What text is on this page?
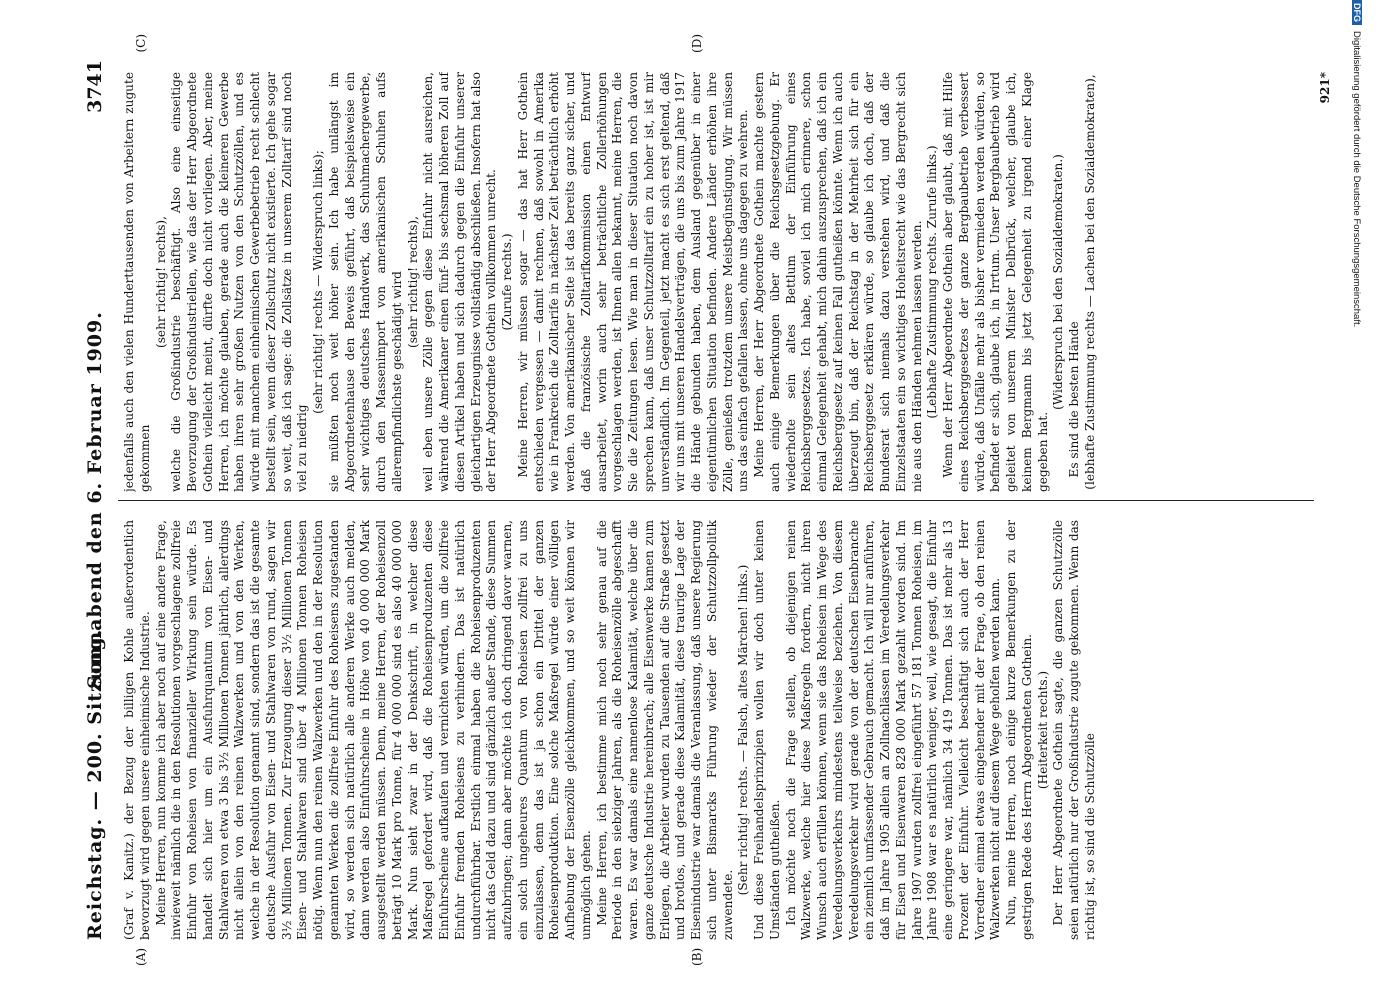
Reichstag. — 200. Sitzung.
Sonnabend den 6. Februar 1909.
3741
(A)	(B)
(C)	(D)

(Graf v. Kanitz.) der Bezug der billigen Kohle außerordentlich bevorzugt wird gegen unsere einheimische Industrie. Meine Herren, nun komme ich aber noch auf eine andere Frage, inwieweit nämlich die in den Resolutionen vorgeschlagene zollfreie Einfuhr von Roheisen von finanzieller Wirkung sein würde. Es handelt sich hier um ein Ausfuhrquantum von Eisen- und Stahlwaren von etwa 3 bis 3½ Millionen Tonnen jährlich, allerdings nicht allein von den reinen Walzwerken und von den Werken, welche in der Resolution genannt sind, sondern das ist die gesamte deutsche Ausfuhr von Eisen- und Stahlwaren von rund, sagen wir 3½ Millionen Tonnen. Zur Erzeugung dieser 3½ Millionen Tonnen Eisen- und Stahlwaren sind über 4 Millionen Tonnen Roheisen nötig. Wenn nun den reinen Walzwerken und den in der Resolution genannten Werken die zollfreie Einfuhr des Roheisens zugestanden wird, so werden sich natürlich alle anderen Werke auch melden, dann werden also Einfuhrscheine in Höhe von 40 000 000 Mark ausgestellt werden müssen. Denn, meine Herren, der Roheisenzoll beträgt 10 Mark pro Tonne, für 4 000 000 sind es also 40 000 000 Mark. Nun sieht zwar in der Denkschrift, in welcher diese Maßregel gefordert wird, daß die Roheisenproduzenten diese Einfuhrscheine aufkaufen und vernichten würden, um die zollfreie Einfuhr fremden Roheisens zu verhindern. Das ist natürlich undurchführbar. Erstlich einmal haben die Roheisenproduzenten nicht das Geld dazu und sind gänzlich außer Stande, diese Summen aufzubringen; dann aber möchte ich doch dringend davor warnen, ein solch ungeheures Quantum von Roheisen zollfrei zu uns einzulassen, denn das ist ja schon ein Drittel der ganzen Roheisenproduktion. Eine solche Maßregel würde einer völligen Aufhebung der Eisenzölle gleichkommen, und so weit können wir unmöglich gehen. Meine Herren, ich bestimme mich noch sehr genau auf die Periode in den siebziger Jahren, als die Roheisenzölle abgeschafft waren. Es war damals eine namenlose Kalamität, welche über die ganze deutsche Industrie hereinbrach; alle Eisenwerke kamen zum Erliegen, die Arbeiter wurden zu Tausenden auf die Straße gesetzt und brotlos, und gerade diese Kalamität, diese traurige Lage der Eisenindustrie war damals die Veranlassung, daß unsere Regierung sich unter Bismarcks Führung wieder der Schutzzollpolitik zuwendete.

(Sehr richtig! rechts. — Falsch, altes Märchen! links.) Und diese Freihandelsprinzipien wollen wir doch unter keinen Umständen gutheißen. Ich möchte noch die Frage stellen, ob diejenigen reinen Walzwerke, welche hier diese Maßregeln fordern, nicht ihren Wunsch auch erfüllen können, wenn sie das Roheisen im Wege des Veredelungsverkehrs mindestens teilweise beziehen. Von diesem Veredelungsverkehr wird gerade von der deutschen Eisenbranche ein ziemlich umfassender Gebrauch gemacht. Ich will nur anführen, daß im Jahre 1905 allein an Zollnachlässen im Veredelungsverkehr für Eisen und Eisenwaren 828 000 Mark gezahlt worden sind. Im Jahre 1907 wurden zollfrei eingeführt 57 181 Tonnen Roheisen, im Jahre 1908 war es natürlich weniger, weil, wie gesagt, die Einfuhr eine geringere war, nämlich 34 419 Tonnen. Das ist mehr als 13 Prozent der Einfuhr. Vielleicht beschäftigt sich auch der Herr Vorredner einmal etwas eingehender mit der Frage, ob den reinen Walzwerken nicht auf diesem Wege geholfen werden kann. Nun, meine Herren, noch einige kurze Bemerkungen zu der gestrigen Rede des Herrn Abgeordneten Gothein. (Heiterkeit rechts.) Der Herr Abgeordnete Gothein sagte, die ganzen Schutzzölle seien natürlich nur der Großindustrie zugute gekommen. Wenn das richtig ist, so sind die Schutzzölle

jedenfalls auch den vielen Hunderttausenden von Arbeitern zugute gekommen

(sehr richtig! rechts), welche die Großindustrie beschäftigt. Also eine einseitige Bevorzugung der Großindustriellen, wie das der Herr Abgeordnete Gothein vielleicht meint, dürfte doch nicht vorliegen. Aber, meine Herren, ich möchte glauben, gerade auch die kleineren Gewerbe haben ihren sehr großen Nutzen von den Schutzzöllen, und es würde mit manchem einheimischen Gewerbebetrieb recht schlecht bestellt sein, wenn dieser Zollschutz nicht existierte. Ich gehe sogar so weit, daß ich sage: die Zollsätze in unserem Zolltarif sind noch viel zu niedrig

(sehr richtig! rechts — Widerspruch links); sie müßten noch weit höher sein. Ich habe unlängst im Abgeordnetenhause den Beweis geführt, daß beispielsweise ein sehr wichtiges deutsches Handwerk, das Schuhmachergewerbe, durch den Massenimport von amerikanischen Schuhen aufs allerempfindlichste geschädigt wird (sehr richtig! rechts), weil eben unsere Zölle gegen diese Einfuhr nicht ausreichen, während die Amerikaner einen fünf- bis sechsmal höheren Zoll auf diesen Artikel haben und sich dadurch gegen die Einfuhr unserer gleichartigen Erzeugnisse vollständig abschließen. Insofern hat also der Herr Abgeordnete Gothein vollkommen unrecht. (Zurufe rechts.) Meine Herren, wir müssen sogar — das hat Herr Gothein entschieden vergessen — damit rechnen, daß sowohl in Amerika wie in Frankreich die Zolltarife in nächster Zeit beträchtlich erhöht werden. Von amerikanischer Seite ist das bereits ganz sicher, und daß die französische Zolltarifkommission einen Entwurf ausarbeitet, worin auch sehr beträchtliche Zollerhöhungen vorgeschlagen werden, ist Ihnen allen bekannt, meine Herren, die Sie die Zeitungen lesen. Wie man in dieser Situation noch davon sprechen kann, daß unser Schutzzolltarif ein zu hoher ist, ist mir unverständlich. Im Gegenteil, jetzt macht es sich erst geltend, daß wir uns mit unseren Handelsverträgen, die uns bis zum Jahre 1917 die Hände gebunden haben, dem Ausland gegenüber in einer eigentümlichen Situation befinden. Andere Länder erhöhen ihre Zölle, genießen trotzdem unsere Meistbegünstigung. Wir müssen uns das einfach gefallen lassen, ohne uns dagegen zu wehren. Meine Herren, der Herr Abgeordnete Gothein machte gestern auch einige Bemerkungen über die Reichsgesetzgebung. Er wiederholte sein altes Bettlum der Einführung eines Reichsberggesetzes. Ich habe, soviel ich mich erinnere, schon einmal Gelegenheit gehabt, mich dahin auszusprechen, daß ich ein Reichsberggesetz auf keinen Fall gutheißen könnte. Wenn ich auch überzeugt bin, daß der Reichstag in der Mehrheit sich für ein Reichsberggesetz erklären würde, so glaube ich doch, daß der Bundesrat sich niemals dazu verstehen wird, und daß die Einzelstaaten ein so wichtiges Hoheitsrecht wie das Bergrecht sich nie aus den Händen nehmen lassen werden. (Lebhafte Zustimmung rechts. Zurufe links.) Wenn der Herr Abgeordnete Gothein aber glaubt, daß mit Hilfe eines Reichsberggesetzes der ganze Bergbaubetrieb verbessert würde, daß Unfälle mehr als bisher vermieden werden würden, so befindet er sich, glaube ich, in Irrtum. Unser Bergbaubetrieb wird geleitet von unserem Minister Delbrück, welcher, glaube ich, keinem Bergmann bis jetzt Gelegenheit zu irgend einer Klage gegeben hat.

(Widerspruch bei den Sozialdemokraten.) Es sind die besten Hände (lebhafte Zustimmung rechts — Lachen bei den Sozialdemokraten),	921*
DFGDigitalisierung gefördert durch die Deutsche Forschungsgemeinschaft.
